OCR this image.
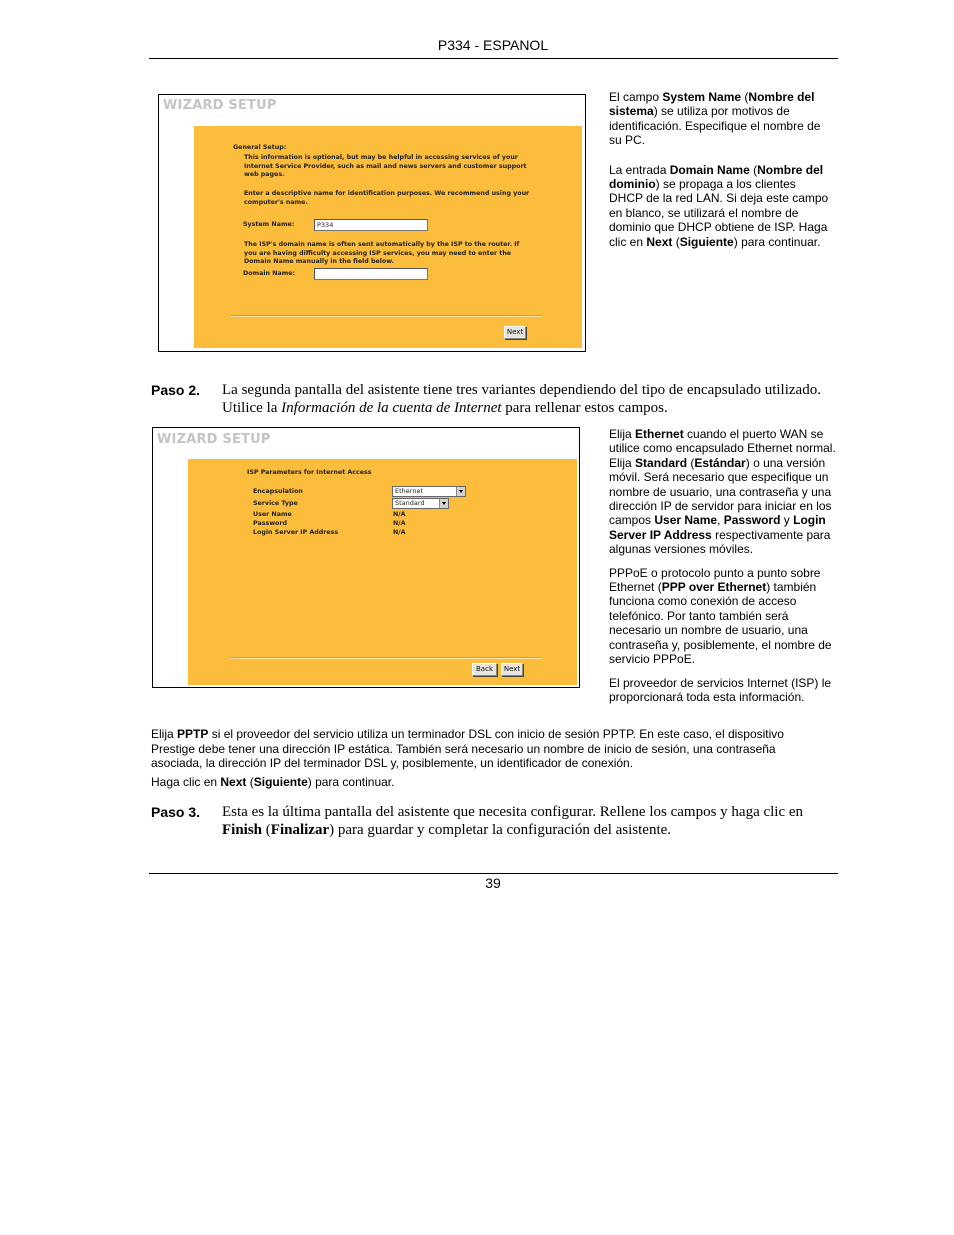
P334 - ESPANOL
WIZARD SETUP
General Setup:
This information is optional, but may be helpful in accessing services of your
Internet Service Provider, such as mail and news servers and customer support
web pages.
Enter a descriptive name for identification purposes. We recommend using your
computer's name.
System Name:	P334
The ISP's domain name is often sent automatically by the ISP to the router. If
you are having difficulty accessing ISP services, you may need to enter the
Domain Name manually in the field below.
Domain Name:
Next

El campo System Name (Nombre del sistema) se utiliza por motivos de identificación. Especifique el nombre de su PC.

La entrada Domain Name (Nombre del dominio) se propaga a los clientes DHCP de la red LAN. Si deja este campo en blanco, se utilizará el nombre de dominio que DHCP obtiene de ISP. Haga clic en Next (Siguiente) para continuar.

Paso 2. La segunda pantalla del asistente tiene tres variantes dependiendo del tipo de encapsulado utilizado. Utilice la Información de la cuenta de Internet para rellenar estos campos.
WIZARD SETUP
ISP Parameters for Internet Access
Encapsulation	Ethernet
Service Type	Standard
User Name	N/A
Password	N/A
Login Server IP Address	N/A
Back	Next

Elija Ethernet cuando el puerto WAN se utilice como encapsulado Ethernet normal. Elija Standard (Estándar) o una versión móvil. Será necesario que especifique un nombre de usuario, una contraseña y una dirección IP de servidor para iniciar en los campos User Name, Password y Login Server IP Address respectivamente para algunas versiones móviles.

PPPoE o protocolo punto a punto sobre Ethernet (PPP over Ethernet) también funciona como conexión de acceso telefónico. Por tanto también será necesario un nombre de usuario, una contraseña y, posiblemente, el nombre de servicio PPPoE.

El proveedor de servicios Internet (ISP) le proporcionará toda esta información.

Elija PPTP si el proveedor del servicio utiliza un terminador DSL con inicio de sesión PPTP. En este caso, el dispositivo Prestige debe tener una dirección IP estática. También será necesario un nombre de inicio de sesión, una contraseña asociada, la dirección IP del terminador DSL y, posiblemente, un identificador de conexión.
Haga clic en Next (Siguiente) para continuar.
Paso 3. Esta es la última pantalla del asistente que necesita configurar. Rellene los campos y haga clic en Finish (Finalizar) para guardar y completar la configuración del asistente.
39
